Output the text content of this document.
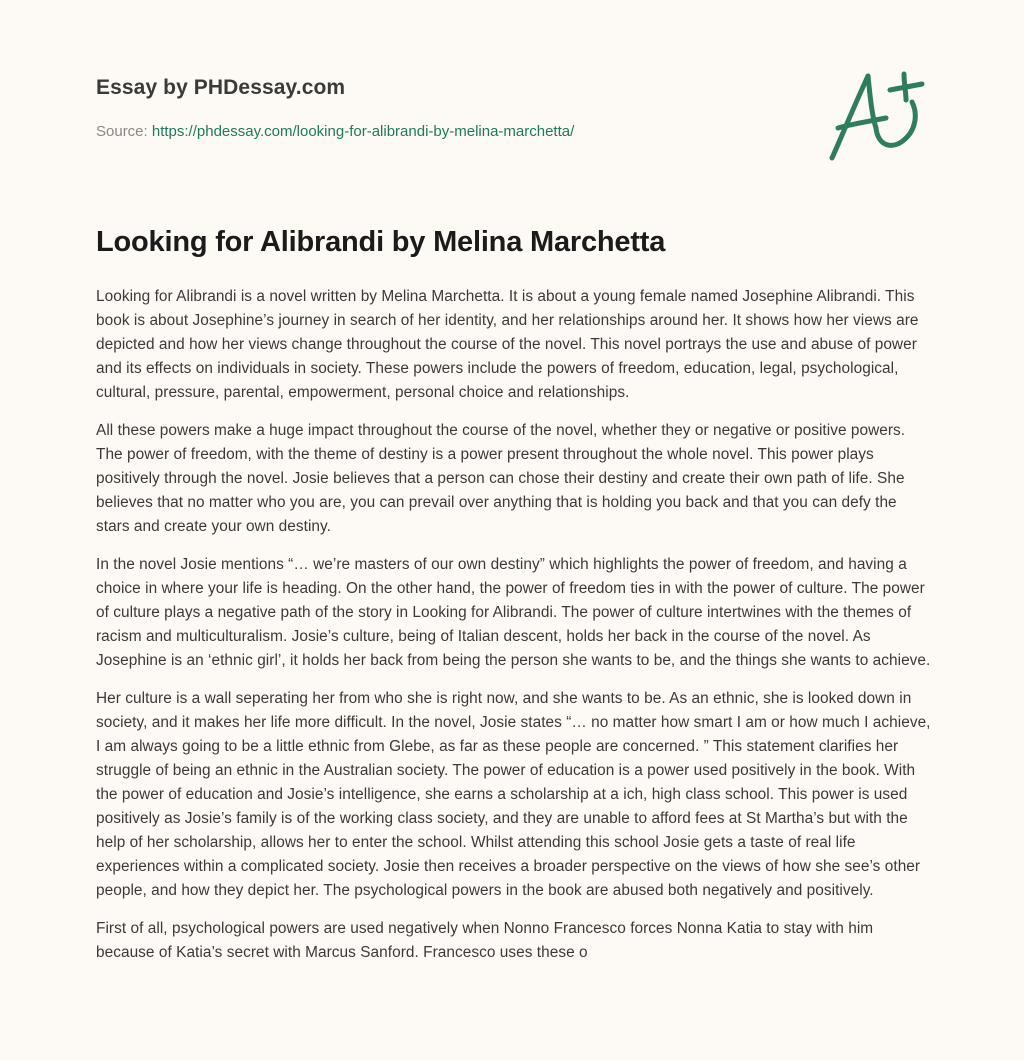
Essay by PHDessay.com
Source: https://phdessay.com/looking-for-alibrandi-by-melina-marchetta/
Looking for Alibrandi by Melina Marchetta

Looking for Alibrandi is a novel written by Melina Marchetta. It is about a young female named Josephine Alibrandi. This book is about Josephine’s journey in search of her identity, and her relationships around her. It shows how her views are depicted and how her views change throughout the course of the novel. This novel portrays the use and abuse of power and its effects on individuals in society. These powers include the powers of freedom, education, legal, psychological, cultural, pressure, parental, empowerment, personal choice and relationships.

All these powers make a huge impact throughout the course of the novel, whether they or negative or positive powers. The power of freedom, with the theme of destiny is a power present throughout the whole novel. This power plays positively through the novel. Josie believes that a person can chose their destiny and create their own path of life. She believes that no matter who you are, you can prevail over anything that is holding you back and that you can defy the stars and create your own destiny.

In the novel Josie mentions “… we’re masters of our own destiny” which highlights the power of freedom, and having a choice in where your life is heading. On the other hand, the power of freedom ties in with the power of culture. The power of culture plays a negative path of the story in Looking for Alibrandi. The power of culture intertwines with the themes of racism and multiculturalism. Josie’s culture, being of Italian descent, holds her back in the course of the novel. As Josephine is an ‘ethnic girl’, it holds her back from being the person she wants to be, and the things she wants to achieve.

Her culture is a wall seperating her from who she is right now, and she wants to be. As an ethnic, she is looked down in society, and it makes her life more difficult. In the novel, Josie states “… no matter how smart I am or how much I achieve, I am always going to be a little ethnic from Glebe, as far as these people are concerned. ” This statement clarifies her struggle of being an ethnic in the Australian society. The power of education is a power used positively in the book. With the power of education and Josie’s intelligence, she earns a scholarship at a ich, high class school. This power is used positively as Josie’s family is of the working class society, and they are unable to afford fees at St Martha’s but with the help of her scholarship, allows her to enter the school. Whilst attending this school Josie gets a taste of real life experiences within a complicated society. Josie then receives a broader perspective on the views of how she see’s other people, and how they depict her. The psychological powers in the book are abused both negatively and positively.

First of all, psychological powers are used negatively when Nonno Francesco forces Nonna Katia to stay with him because of Katia’s secret with Marcus Sanford. Francesco uses these o
